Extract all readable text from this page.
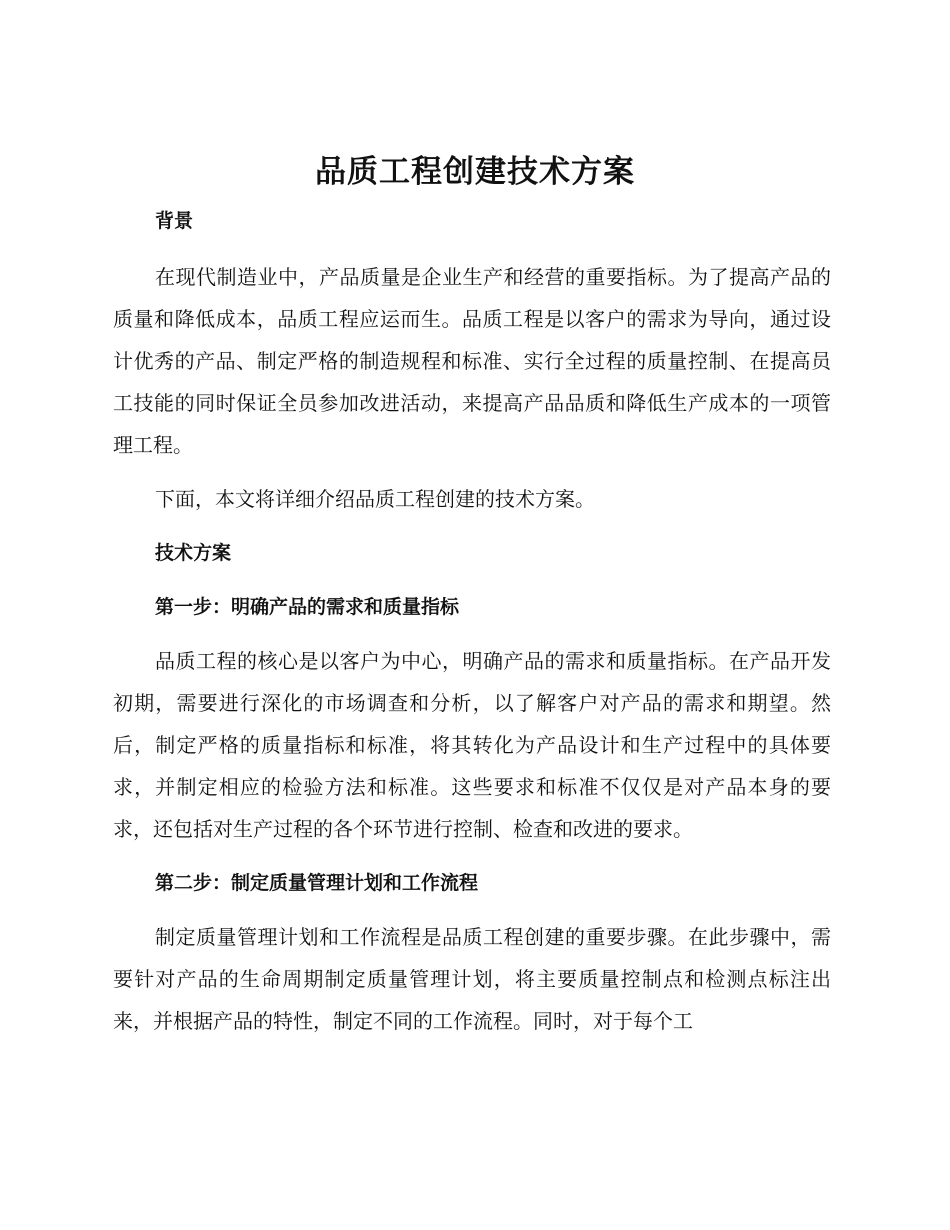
品质工程创建技术方案

背景

在现代制造业中，产品质量是企业生产和经营的重要指标。为了提高产品的质量和降低成本，品质工程应运而生。品质工程是以客户的需求为导向，通过设计优秀的产品、制定严格的制造规程和标准、实行全过程的质量控制、在提高员工技能的同时保证全员参加改进活动，来提高产品品质和降低生产成本的一项管理工程。

下面，本文将详细介绍品质工程创建的技术方案。

技术方案

第一步：明确产品的需求和质量指标

品质工程的核心是以客户为中心，明确产品的需求和质量指标。在产品开发初期，需要进行深化的市场调查和分析，以了解客户对产品的需求和期望。然后，制定严格的质量指标和标准，将其转化为产品设计和生产过程中的具体要求，并制定相应的检验方法和标准。这些要求和标准不仅仅是对产品本身的要求，还包括对生产过程的各个环节进行控制、检查和改进的要求。

第二步：制定质量管理计划和工作流程

制定质量管理计划和工作流程是品质工程创建的重要步骤。在此步骤中，需要针对产品的生命周期制定质量管理计划，将主要质量控制点和检测点标注出来，并根据产品的特性，制定不同的工作流程。同时，对于每个工
